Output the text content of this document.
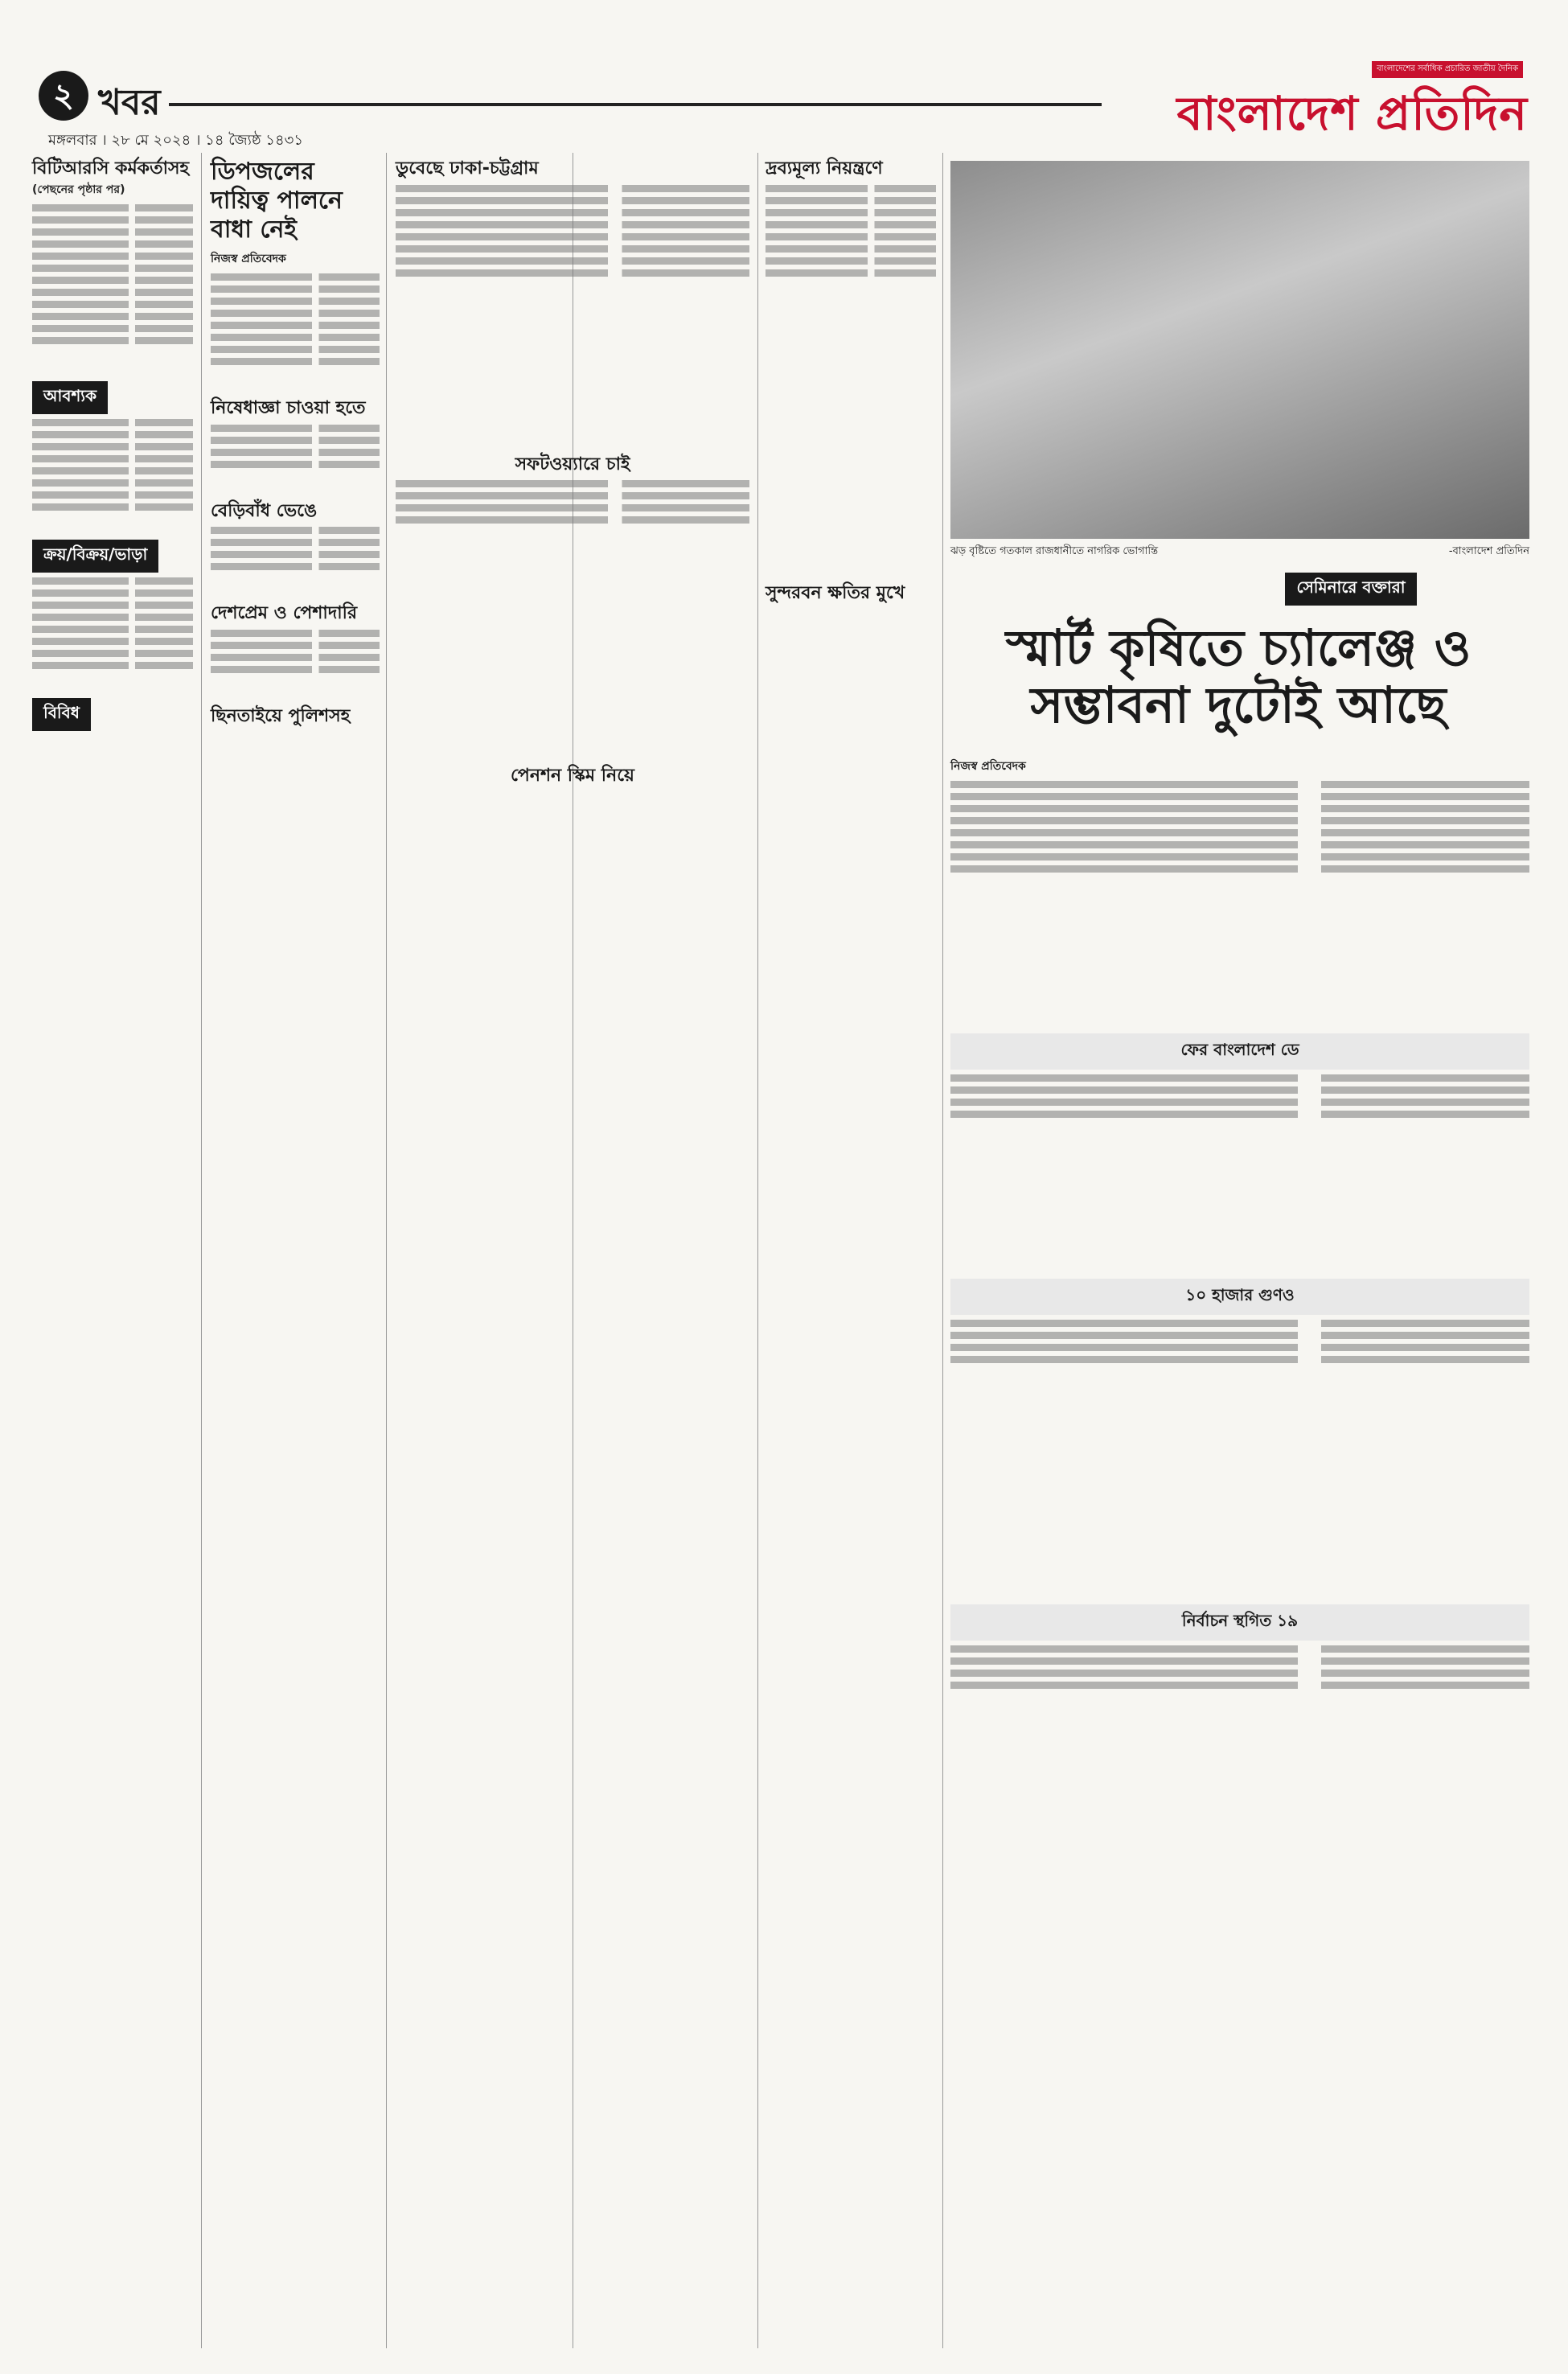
২ খবর
মঙ্গলবার । ২৮ মে ২০২৪ । ১৪ জ্যৈষ্ঠ ১৪৩১
বাংলাদেশের সর্বাধিক প্রচারিত জাতীয় দৈনিক
বাংলাদেশ প্রতিদিন
বিটিআরসি কর্মকর্তাসহ
(পেছনের পৃষ্ঠার পর)
আবশ্যক
ক্রয়/বিক্রয়/ভাড়া
বিবিধ
ডিপজলের দায়িত্ব পালনে বাধা নেই
নিজস্ব প্রতিবেদক
নিষেধাজ্ঞা চাওয়া হতে
বেড়িবাঁধ ভেঙে
দেশপ্রেম ও পেশাদারি
ছিনতাইয়ে পুলিশসহ
ডুবেছে ঢাকা-চট্টগ্রাম
সফটওয়্যারে চাই
পেনশন স্কিম নিয়ে
দ্রব্যমূল্য নিয়ন্ত্রণে
সুন্দরবন ক্ষতির মুখে
ঝড় বৃষ্টিতে গতকাল রাজধানীতে নাগরিক ভোগান্তি	-বাংলাদেশ প্রতিদিন
সেমিনারে বক্তারা
স্মার্ট কৃষিতে চ্যালেঞ্জ ও সম্ভাবনা দুটোই আছে
নিজস্ব প্রতিবেদক
ফের বাংলাদেশ ডে
১০ হাজার গুণও
নির্বাচন স্থগিত ১৯
